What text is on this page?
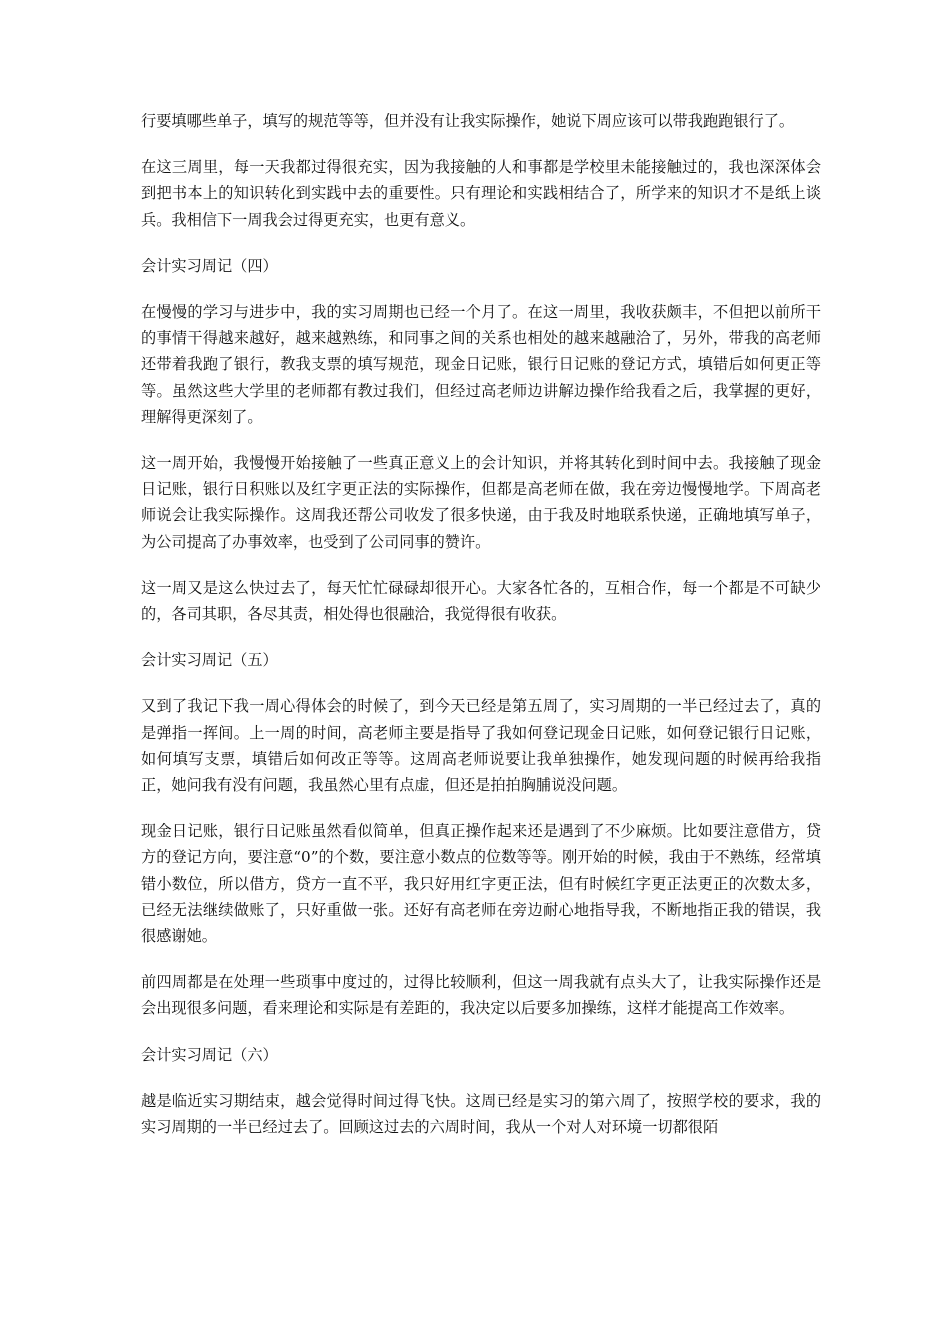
行要填哪些单子，填写的规范等等，但并没有让我实际操作，她说下周应该可以带我跑跑银行了。

在这三周里，每一天我都过得很充实，因为我接触的人和事都是学校里未能接触过的，我也深深体会到把书本上的知识转化到实践中去的重要性。只有理论和实践相结合了，所学来的知识才不是纸上谈兵。我相信下一周我会过得更充实，也更有意义。

会计实习周记（四）

在慢慢的学习与进步中，我的实习周期也已经一个月了。在这一周里，我收获颇丰，不但把以前所干的事情干得越来越好，越来越熟练，和同事之间的关系也相处的越来越融洽了，另外，带我的高老师还带着我跑了银行，教我支票的填写规范，现金日记账，银行日记账的登记方式，填错后如何更正等等。虽然这些大学里的老师都有教过我们，但经过高老师边讲解边操作给我看之后，我掌握的更好，理解得更深刻了。

这一周开始，我慢慢开始接触了一些真正意义上的会计知识，并将其转化到时间中去。我接触了现金日记账，银行日积账以及红字更正法的实际操作，但都是高老师在做，我在旁边慢慢地学。下周高老师说会让我实际操作。这周我还帮公司收发了很多快递，由于我及时地联系快递，正确地填写单子，为公司提高了办事效率，也受到了公司同事的赞许。

这一周又是这么快过去了，每天忙忙碌碌却很开心。大家各忙各的，互相合作，每一个都是不可缺少的，各司其职，各尽其责，相处得也很融洽，我觉得很有收获。

会计实习周记（五）

又到了我记下我一周心得体会的时候了，到今天已经是第五周了，实习周期的一半已经过去了，真的是弹指一挥间。上一周的时间，高老师主要是指导了我如何登记现金日记账，如何登记银行日记账，如何填写支票，填错后如何改正等等。这周高老师说要让我单独操作，她发现问题的时候再给我指正，她问我有没有问题，我虽然心里有点虚，但还是拍拍胸脯说没问题。

现金日记账，银行日记账虽然看似简单，但真正操作起来还是遇到了不少麻烦。比如要注意借方，贷方的登记方向，要注意“0”的个数，要注意小数点的位数等等。刚开始的时候，我由于不熟练，经常填错小数位，所以借方，贷方一直不平，我只好用红字更正法，但有时候红字更正法更正的次数太多，已经无法继续做账了，只好重做一张。还好有高老师在旁边耐心地指导我，不断地指正我的错误，我很感谢她。

前四周都是在处理一些琐事中度过的，过得比较顺利，但这一周我就有点头大了，让我实际操作还是会出现很多问题，看来理论和实际是有差距的，我决定以后要多加操练，这样才能提高工作效率。

会计实习周记（六）

越是临近实习期结束，越会觉得时间过得飞快。这周已经是实习的第六周了，按照学校的要求，我的实习周期的一半已经过去了。回顾这过去的六周时间，我从一个对人对环境一切都很陌
